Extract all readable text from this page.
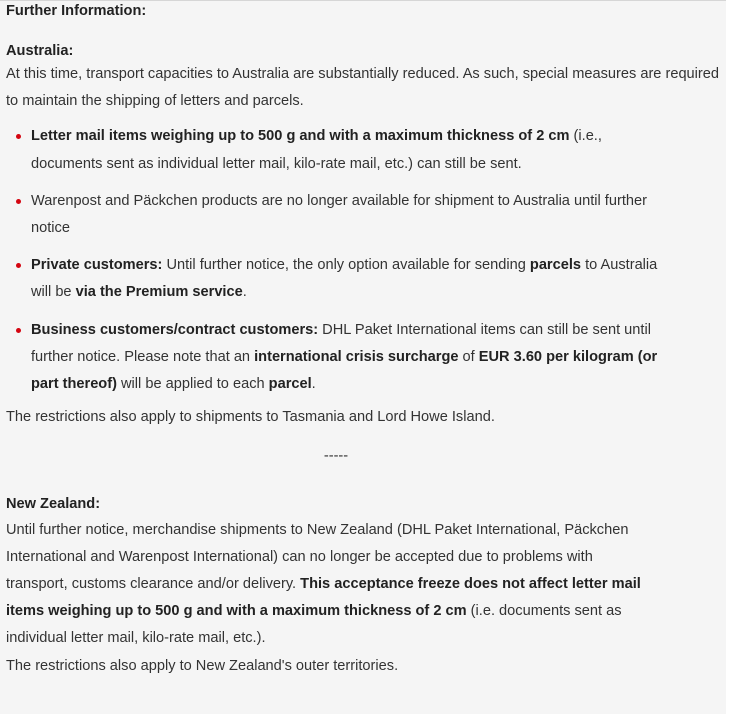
Further Information:

Australia:

At this time, transport capacities to Australia are substantially reduced. As such, special measures are required to maintain the shipping of letters and parcels.

Letter mail items weighing up to 500 g and with a maximum thickness of 2 cm (i.e., documents sent as individual letter mail, kilo-rate mail, etc.) can still be sent.
Warenpost and Päckchen products are no longer available for shipment to Australia until further notice
Private customers: Until further notice, the only option available for sending parcels to Australia will be via the Premium service.
Business customers/contract customers: DHL Paket International items can still be sent until further notice. Please note that an international crisis surcharge of EUR 3.60 per kilogram (or part thereof) will be applied to each parcel.

The restrictions also apply to shipments to Tasmania and Lord Howe Island.

-----

New Zealand:

Until further notice, merchandise shipments to New Zealand (DHL Paket International, Päckchen International and Warenpost International) can no longer be accepted due to problems with transport, customs clearance and/or delivery. This acceptance freeze does not affect letter mail items weighing up to 500 g and with a maximum thickness of 2 cm (i.e. documents sent as individual letter mail, kilo-rate mail, etc.).

The restrictions also apply to New Zealand's outer territories.
